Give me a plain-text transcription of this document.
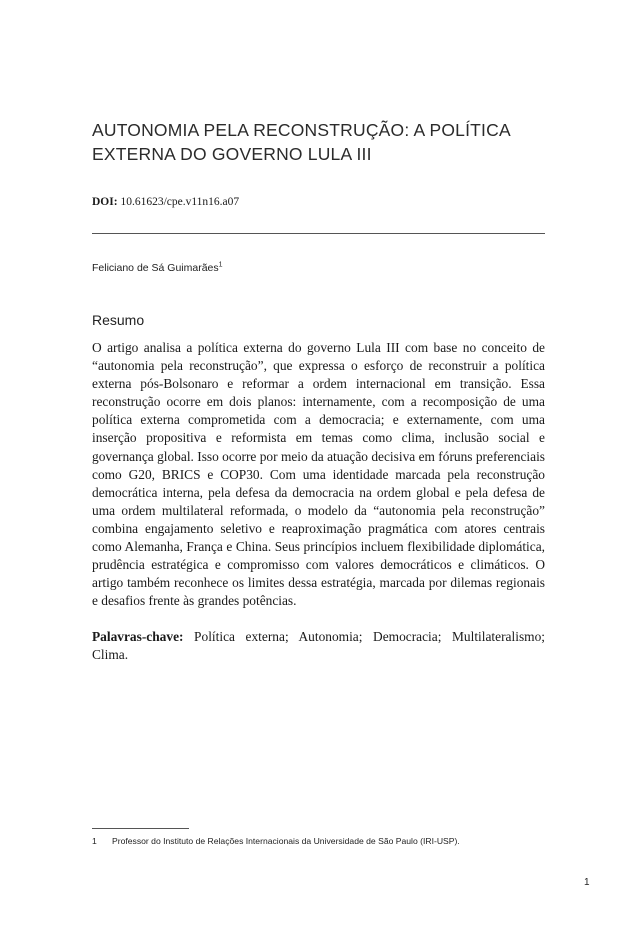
AUTONOMIA PELA RECONSTRUÇÃO: A POLÍTICA EXTERNA DO GOVERNO LULA III
DOI: 10.61623/cpe.v11n16.a07
Feliciano de Sá Guimarães$^1$
Resumo

O artigo analisa a política externa do governo Lula III com base no conceito de “autonomia pela reconstrução”, que expressa o esforço de reconstruir a política externa pós-Bolsonaro e reformar a ordem internacional em transição. Essa reconstrução ocorre em dois planos: internamente, com a recomposição de uma política externa comprometida com a democracia; e externamente, com uma inserção propositiva e reformista em temas como clima, inclusão social e governança global. Isso ocorre por meio da atuação decisiva em fóruns preferenciais como G20, BRICS e COP30. Com uma identidade marcada pela reconstrução democrática interna, pela defesa da democracia na ordem global e pela defesa de uma ordem multilateral reformada, o modelo da “autonomia pela reconstrução” combina engajamento seletivo e reaproximação pragmática com atores centrais como Alemanha, França e China. Seus princípios incluem flexibilidade diplomática, prudência estratégica e compromisso com valores democráticos e climáticos. O artigo também reconhece os limites dessa estratégia, marcada por dilemas regionais e desafios frente às grandes potências.

Palavras-chave: Política externa; Autonomia; Democracia; Multilateralismo; Clima.

1 Professor do Instituto de Relações Internacionais da Universidade de São Paulo (IRI-USP).
1
